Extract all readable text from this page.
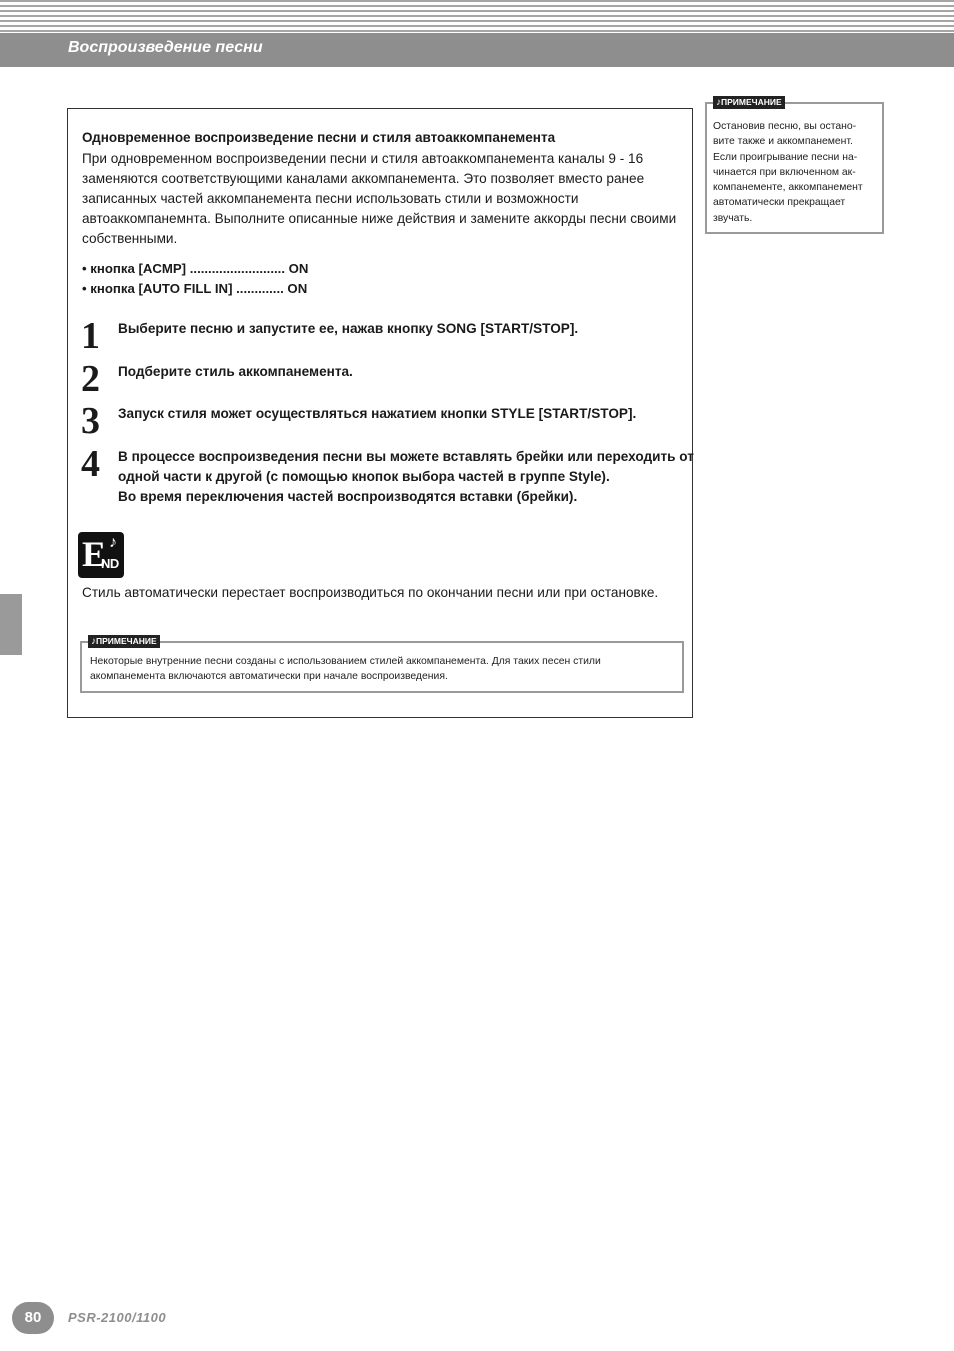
Воспроизведение песни
Одновременное воспроизведение песни и стиля автоаккомпанемента
При одновременном воспроизведении песни и стиля автоаккомпанемента каналы 9 - 16
заменяются соответствующими каналами аккомпанемента. Это позволяет вместо ранее
записанных частей аккомпанемента песни использовать стили и возможности
автоаккомпанемнта. Выполните описанные ниже действия и замените аккорды песни своими
собственными.
• кнопка [ACMP] .......................... ON
• кнопка [AUTO FILL IN] ............. ON
1 Выберите песню и запустите ее, нажав кнопку SONG [START/STOP].
2 Подберите стиль аккомпанемента.
3 Запуск стиля может осуществляться нажатием кнопки STYLE [START/STOP].
4 В процессе воспроизведения песни вы можете вставлять брейки или переходить от
одной части к другой (с помощью кнопок выбора частей в группе Style).
Во время переключения частей воспроизводятся вставки (брейки).
E
ND
♪
Стиль автоматически перестает воспроизводиться по окончании песни или при остановке.
♪ПРИМЕЧАНИЕ
Некоторые внутренние песни созданы с использованием стилей аккомпанемента. Для таких песен стили
акомпанемента включаются автоматически при начале воспроизведения.
♪ПРИМЕЧАНИЕ
Остановив песню, вы остано-
вите также и аккомпанемент.
Если проигрывание песни на-
чинается при включенном ак-
компанементе, аккомпанемент
автоматически прекращает
звучать.
80	PSR-2100/1100
